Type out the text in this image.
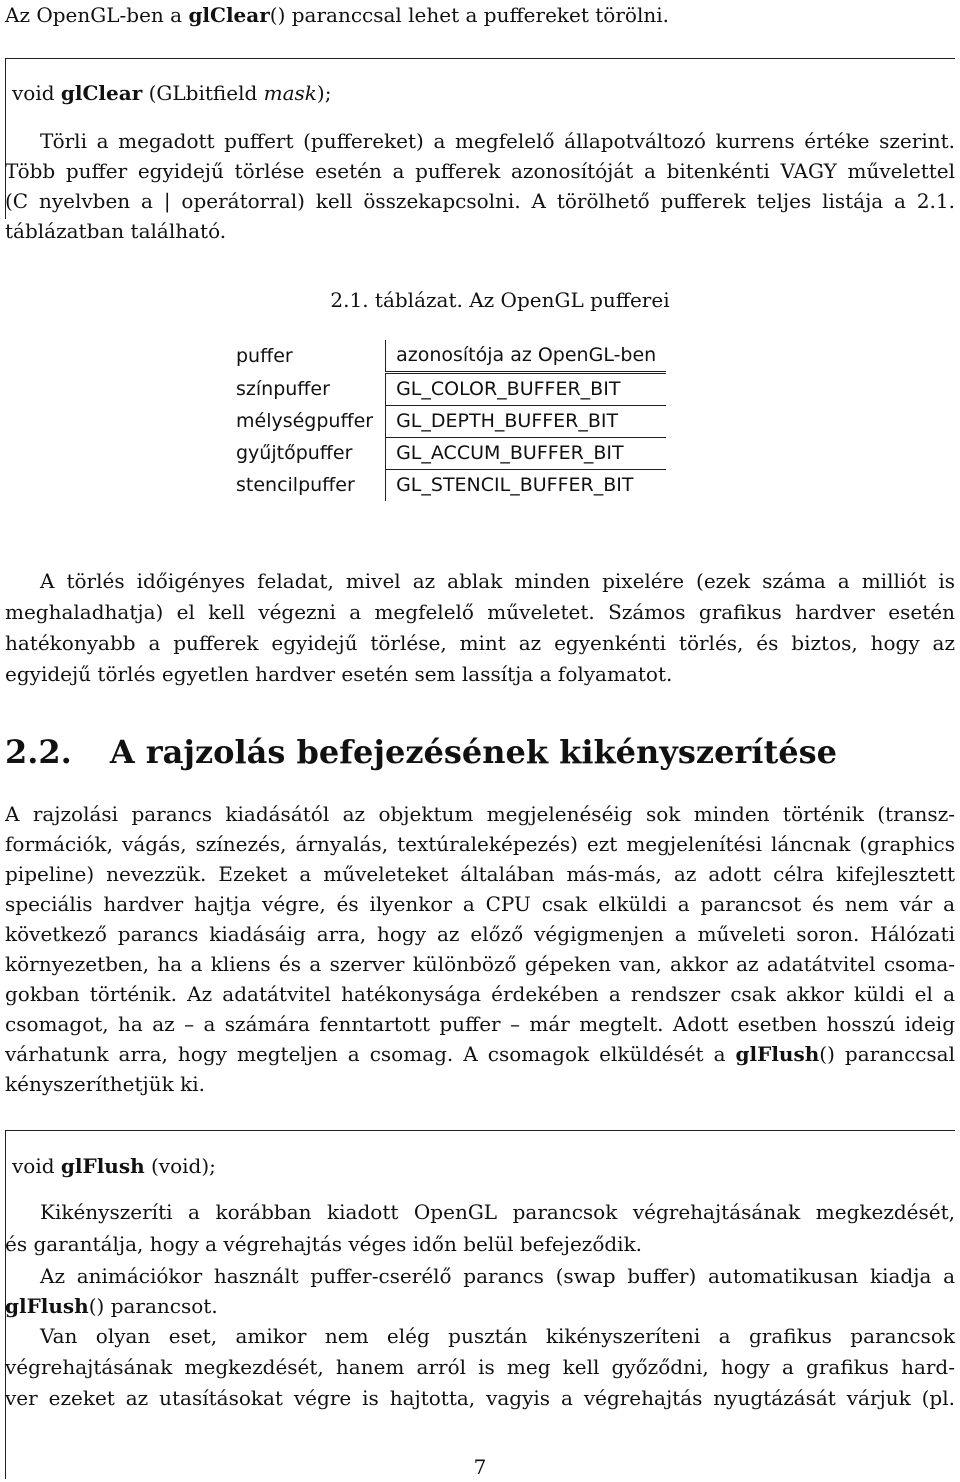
Az OpenGL-ben a glClear() paranccsal lehet a puffereket törölni.
void glClear (GLbitfield mask);
Törli a megadott puffert (puffereket) a megfelelő állapotváltozó kurrens értéke szerint.
Több puffer egyidejű törlése esetén a pufferek azonosítóját a bitenkénti VAGY művelettel
(C nyelvben a | operátorral) kell összekapcsolni. A törölhető pufferek teljes listája a 2.1.
táblázatban található.
2.1. táblázat. Az OpenGL pufferei
puffer	azonosítója az OpenGL-ben
színpuffer	GL_COLOR_BUFFER_BIT
mélységpuffer	GL_DEPTH_BUFFER_BIT
gyűjtőpuffer	GL_ACCUM_BUFFER_BIT
stencilpuffer	GL_STENCIL_BUFFER_BIT
A törlés időigényes feladat, mivel az ablak minden pixelére (ezek száma a milliót is
meghaladhatja) el kell végezni a megfelelő műveletet. Számos grafikus hardver esetén
hatékonyabb a pufferek egyidejű törlése, mint az egyenkénti törlés, és biztos, hogy az
egyidejű törlés egyetlen hardver esetén sem lassítja a folyamatot.
2.2. A rajzolás befejezésének kikényszerítése
A rajzolási parancs kiadásától az objektum megjelenéséig sok minden történik (transz-
formációk, vágás, színezés, árnyalás, textúraleképezés) ezt megjelenítési láncnak (graphics
pipeline) nevezzük. Ezeket a műveleteket általában más-más, az adott célra kifejlesztett
speciális hardver hajtja végre, és ilyenkor a CPU csak elküldi a parancsot és nem vár a
következő parancs kiadásáig arra, hogy az előző végigmenjen a műveleti soron. Hálózati
környezetben, ha a kliens és a szerver különböző gépeken van, akkor az adatátvitel csoma-
gokban történik. Az adatátvitel hatékonysága érdekében a rendszer csak akkor küldi el a
csomagot, ha az – a számára fenntartott puffer – már megtelt. Adott esetben hosszú ideig
várhatunk arra, hogy megteljen a csomag. A csomagok elküldését a glFlush() paranccsal
kényszeríthetjük ki.
void glFlush (void);
Kikényszeríti a korábban kiadott OpenGL parancsok végrehajtásának megkezdését,
és garantálja, hogy a végrehajtás véges időn belül befejeződik.
Az animációkor használt puffer-cserélő parancs (swap buffer) automatikusan kiadja a
glFlush() parancsot.
Van olyan eset, amikor nem elég pusztán kikényszeríteni a grafikus parancsok
végrehajtásának megkezdését, hanem arról is meg kell győződni, hogy a grafikus hard-
ver ezeket az utasításokat végre is hajtotta, vagyis a végrehajtás nyugtázását várjuk (pl.
7
